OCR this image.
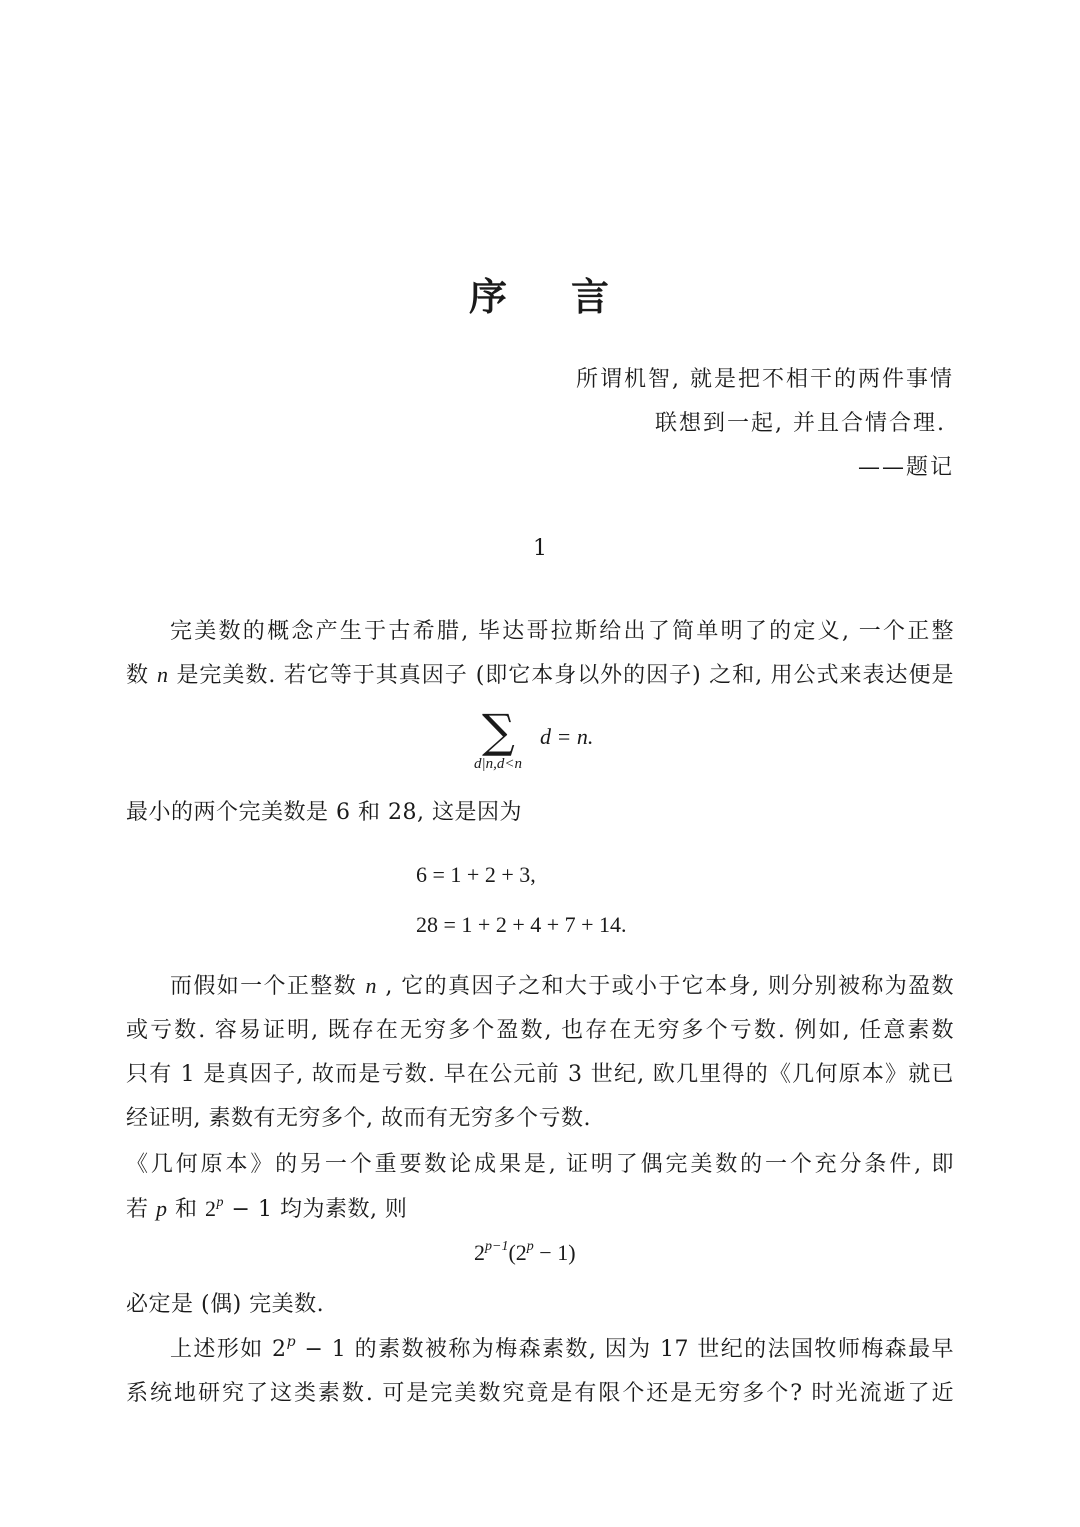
序 言
所谓机智, 就是把不相干的两件事情
联想到一起, 并且合情合理.
——题记
1
完美数的概念产生于古希腊, 毕达哥拉斯给出了简单明了的定义, 一个正整
数 n 是完美数. 若它等于其真因子 (即它本身以外的因子) 之和, 用公式来表达便是
∑
d|n,d<n
d = n.
最小的两个完美数是 6 和 28, 这是因为
6 = 1 + 2 + 3,
28 = 1 + 2 + 4 + 7 + 14.
而假如一个正整数 n , 它的真因子之和大于或小于它本身, 则分别被称为盈数
或亏数. 容易证明, 既存在无穷多个盈数, 也存在无穷多个亏数. 例如, 任意素数
只有 1 是真因子, 故而是亏数. 早在公元前 3 世纪, 欧几里得的《几何原本》就已
经证明, 素数有无穷多个, 故而有无穷多个亏数.
《几何原本》的另一个重要数论成果是, 证明了偶完美数的一个充分条件, 即
若 p 和 $2^p - 1$ 均为素数, 则
$2^{p-1}(2^p - 1)$
必定是 (偶) 完美数.
上述形如 $2^p - 1$ 的素数被称为梅森素数, 因为 17 世纪的法国牧师梅森最早
系统地研究了这类素数. 可是完美数究竟是有限个还是无穷多个? 时光流逝了近
